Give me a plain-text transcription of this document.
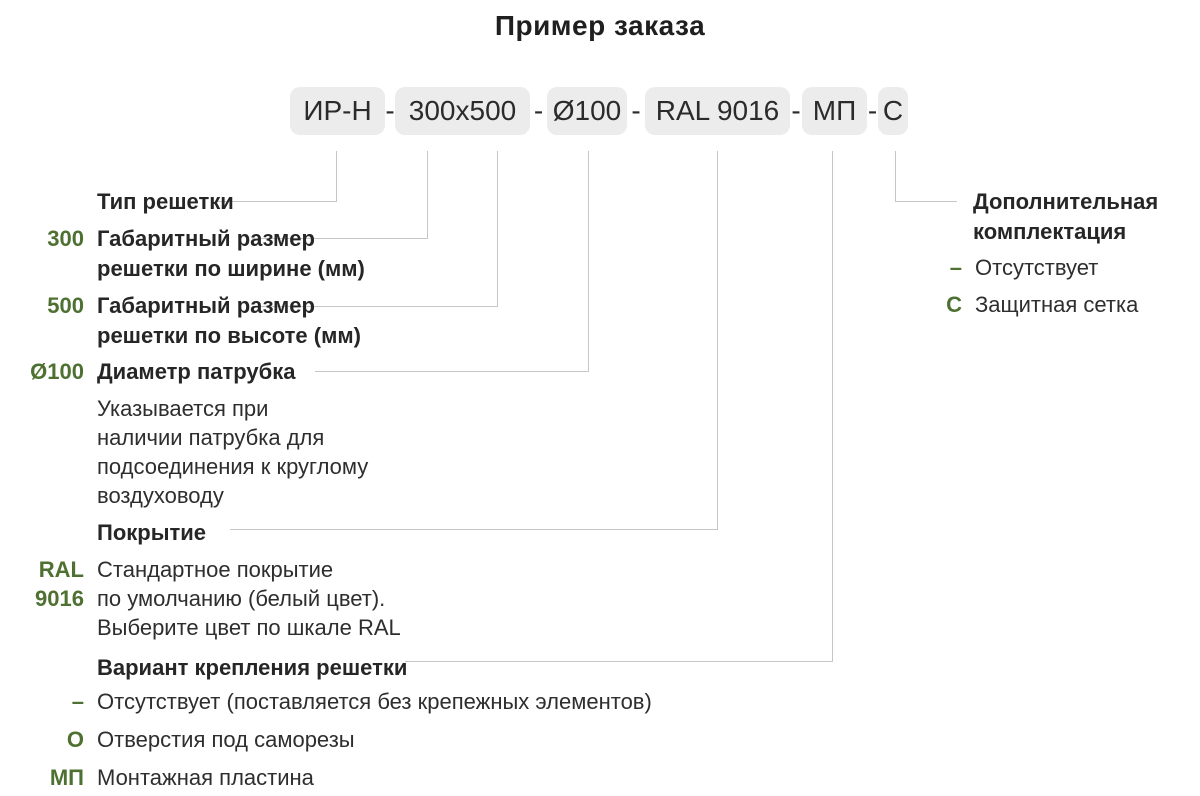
Пример заказа
ИР-Н - 300х500 - Ø100 - RAL 9016 - МП - С
Тип решетки
300 Габаритный размер
решетки по ширине (мм)
500 Габаритный размер
решетки по высоте (мм)
Ø100 Диаметр патрубка
Указывается при
наличии патрубка для
подсоединения к круглому
воздуховоду
Покрытие
RAL
9016
Стандартное покрытие
по умолчанию (белый цвет).
Выберите цвет по шкале RAL
Вариант крепления решетки
– Отсутствует (поставляется без крепежных элементов)
О Отверстия под саморезы
МП Монтажная пластина
Дополнительная
комплектация
– Отсутствует
С Защитная сетка
